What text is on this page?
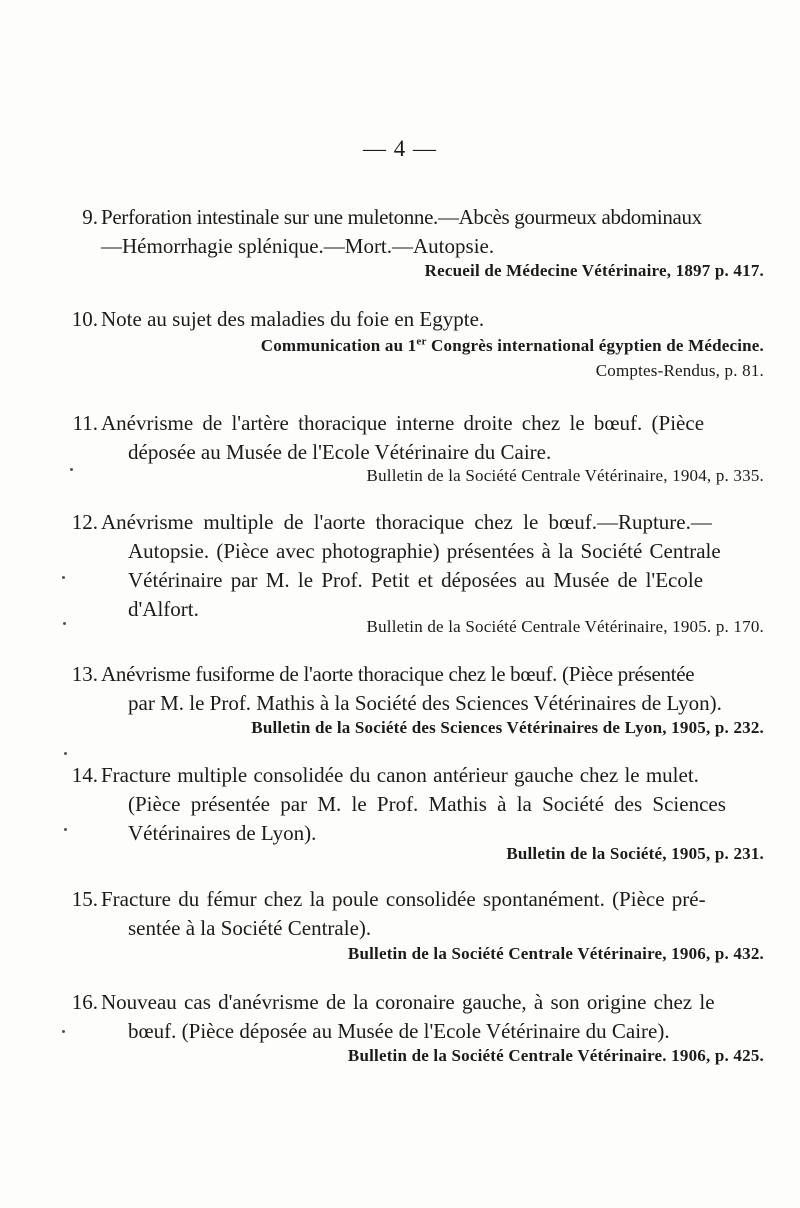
— 4 —
9. Perforation intestinale sur une muletonne.—Abcès gourmeux abdominaux
—Hémorrhagie splénique.—Mort.—Autopsie.
Recueil de Médecine Vétérinaire, 1897 p. 417.
10. Note au sujet des maladies du foie en Egypte.
Communication au 1er Congrès international égyptien de Médecine.
Comptes-Rendus, p. 81.
11. Anévrisme de l'artère thoracique interne droite chez le bœuf. (Pièce
déposée au Musée de l'Ecole Vétérinaire du Caire.
Bulletin de la Société Centrale Vétérinaire, 1904, p. 335.
12. Anévrisme multiple de l'aorte thoracique chez le bœuf.—Rupture.—
Autopsie. (Pièce avec photographie) présentées à la Société Centrale
Vétérinaire par M. le Prof. Petit et déposées au Musée de l'Ecole
d'Alfort.
Bulletin de la Société Centrale Vétérinaire, 1905. p. 170.
13. Anévrisme fusiforme de l'aorte thoracique chez le bœuf. (Pièce présentée
par M. le Prof. Mathis à la Société des Sciences Vétérinaires de Lyon).
Bulletin de la Société des Sciences Vétérinaires de Lyon, 1905, p. 232.
14. Fracture multiple consolidée du canon antérieur gauche chez le mulet.
(Pièce présentée par M. le Prof. Mathis à la Société des Sciences
Vétérinaires de Lyon).
Bulletin de la Société, 1905, p. 231.
15. Fracture du fémur chez la poule consolidée spontanément. (Pièce pré-
sentée à la Société Centrale).
Bulletin de la Société Centrale Vétérinaire, 1906, p. 432.
16. Nouveau cas d'anévrisme de la coronaire gauche, à son origine chez le
bœuf. (Pièce déposée au Musée de l'Ecole Vétérinaire du Caire).
Bulletin de la Société Centrale Vétérinaire. 1906, p. 425.
